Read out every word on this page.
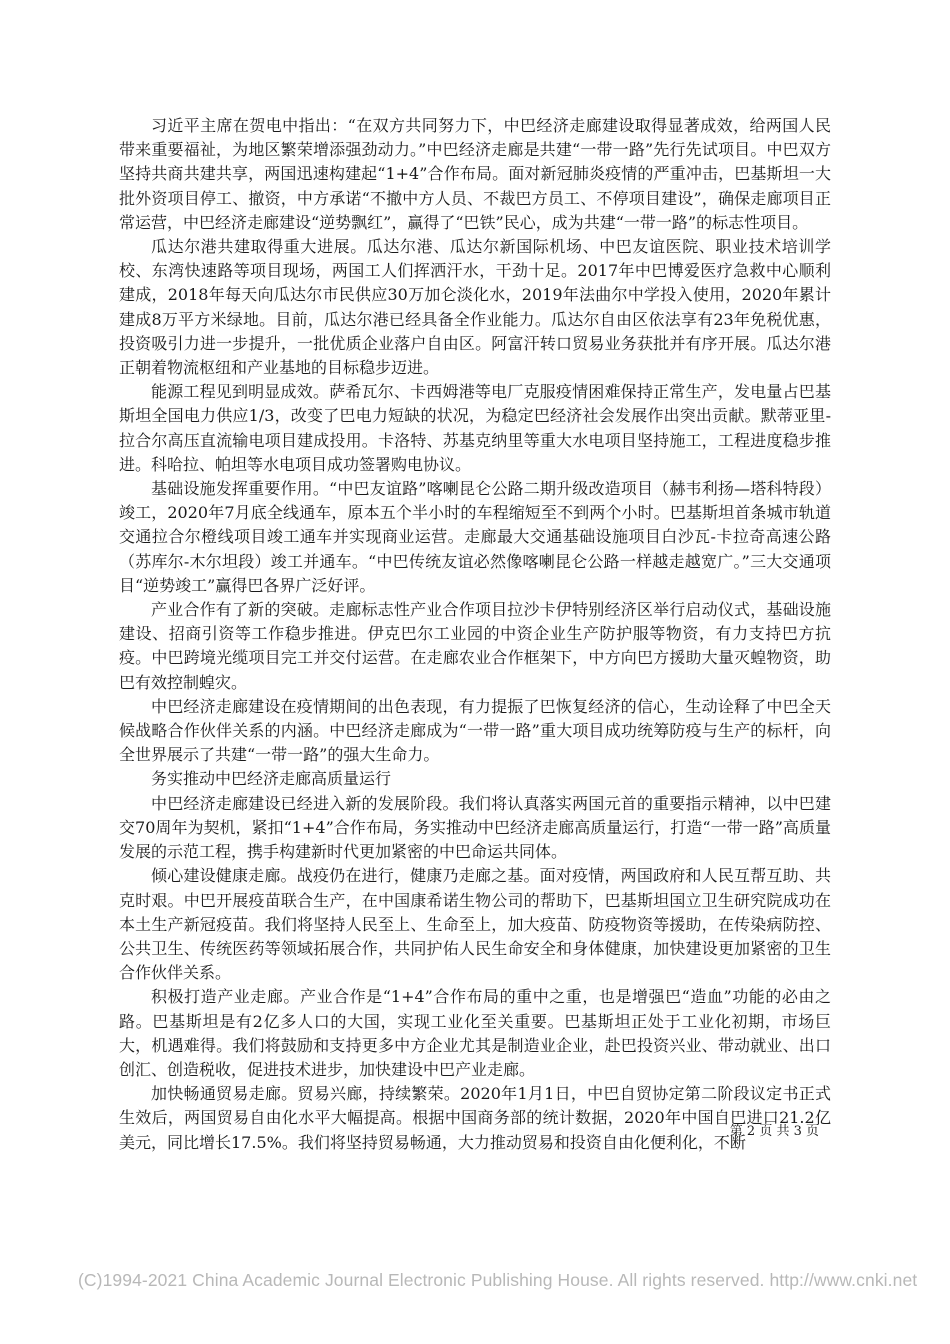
习近平主席在贺电中指出：“在双方共同努力下，中巴经济走廊建设取得显著成效，给两国人民带来重要福祉，为地区繁荣增添强劲动力。”中巴经济走廊是共建“一带一路”先行先试项目。中巴双方坚持共商共建共享，两国迅速构建起“1+4”合作布局。面对新冠肺炎疫情的严重冲击，巴基斯坦一大批外资项目停工、撤资，中方承诺“不撤中方人员、不裁巴方员工、不停项目建设”，确保走廊项目正常运营，中巴经济走廊建设“逆势飘红”，赢得了“巴铁”民心，成为共建“一带一路”的标志性项目。

瓜达尔港共建取得重大进展。瓜达尔港、瓜达尔新国际机场、中巴友谊医院、职业技术培训学校、东湾快速路等项目现场，两国工人们挥洒汗水，干劲十足。2017年中巴博爱医疗急救中心顺利建成，2018年每天向瓜达尔市民供应30万加仑淡化水，2019年法曲尔中学投入使用，2020年累计建成8万平方米绿地。目前，瓜达尔港已经具备全作业能力。瓜达尔自由区依法享有23年免税优惠，投资吸引力进一步提升，一批优质企业落户自由区。阿富汗转口贸易业务获批并有序开展。瓜达尔港正朝着物流枢纽和产业基地的目标稳步迈进。

能源工程见到明显成效。萨希瓦尔、卡西姆港等电厂克服疫情困难保持正常生产，发电量占巴基斯坦全国电力供应1/3，改变了巴电力短缺的状况，为稳定巴经济社会发展作出突出贡献。默蒂亚里-拉合尔高压直流输电项目建成投用。卡洛特、苏基克纳里等重大水电项目坚持施工，工程进度稳步推进。科哈拉、帕坦等水电项目成功签署购电协议。

基础设施发挥重要作用。“中巴友谊路”喀喇昆仑公路二期升级改造项目（赫韦利扬—塔科特段）竣工，2020年7月底全线通车，原本五个半小时的车程缩短至不到两个小时。巴基斯坦首条城市轨道交通拉合尔橙线项目竣工通车并实现商业运营。走廊最大交通基础设施项目白沙瓦-卡拉奇高速公路（苏库尔-木尔坦段）竣工并通车。“中巴传统友谊必然像喀喇昆仑公路一样越走越宽广。”三大交通项目“逆势竣工”赢得巴各界广泛好评。

产业合作有了新的突破。走廊标志性产业合作项目拉沙卡伊特别经济区举行启动仪式，基础设施建设、招商引资等工作稳步推进。伊克巴尔工业园的中资企业生产防护服等物资，有力支持巴方抗疫。中巴跨境光缆项目完工并交付运营。在走廊农业合作框架下，中方向巴方援助大量灭蝗物资，助巴有效控制蝗灾。

中巴经济走廊建设在疫情期间的出色表现，有力提振了巴恢复经济的信心，生动诠释了中巴全天候战略合作伙伴关系的内涵。中巴经济走廊成为“一带一路”重大项目成功统筹防疫与生产的标杆，向全世界展示了共建“一带一路”的强大生命力。

务实推动中巴经济走廊高质量运行

中巴经济走廊建设已经进入新的发展阶段。我们将认真落实两国元首的重要指示精神，以中巴建交70周年为契机，紧扣“1+4”合作布局，务实推动中巴经济走廊高质量运行，打造“一带一路”高质量发展的示范工程，携手构建新时代更加紧密的中巴命运共同体。

倾心建设健康走廊。战疫仍在进行，健康乃走廊之基。面对疫情，两国政府和人民互帮互助、共克时艰。中巴开展疫苗联合生产，在中国康希诺生物公司的帮助下，巴基斯坦国立卫生研究院成功在本土生产新冠疫苗。我们将坚持人民至上、生命至上，加大疫苗、防疫物资等援助，在传染病防控、公共卫生、传统医药等领域拓展合作，共同护佑人民生命安全和身体健康，加快建设更加紧密的卫生合作伙伴关系。

积极打造产业走廊。产业合作是“1+4”合作布局的重中之重，也是增强巴“造血”功能的必由之路。巴基斯坦是有2亿多人口的大国，实现工业化至关重要。巴基斯坦正处于工业化初期，市场巨大，机遇难得。我们将鼓励和支持更多中方企业尤其是制造业企业，赴巴投资兴业、带动就业、出口创汇、创造税收，促进技术进步，加快建设中巴产业走廊。

加快畅通贸易走廊。贸易兴廊，持续繁荣。2020年1月1日，中巴自贸协定第二阶段议定书正式生效后，两国贸易自由化水平大幅提高。根据中国商务部的统计数据，2020年中国自巴进口21.2亿美元，同比增长17.5%。我们将坚持贸易畅通，大力推动贸易和投资自由化便利化，不断

第 2 页 共 3 页
(C)1994-2021 China Academic Journal Electronic Publishing House. All rights reserved. http://www.cnki.net
